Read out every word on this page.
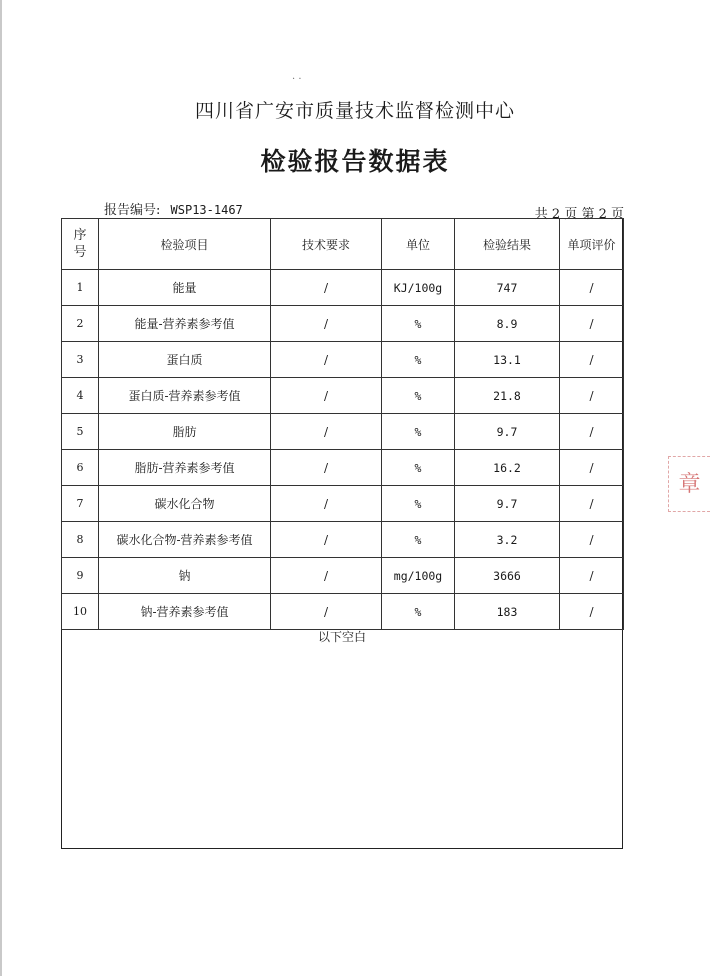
· ·
四川省广安市质量技术监督检测中心
检验报告数据表
报告编号: WSP13-1467	共 2 页 第 2 页
序
号	检验项目	技术要求	单位	检验结果	单项评价
1	能量	/	KJ/100g	747	/
2	能量-营养素参考值	/	%	8.9	/
3	蛋白质	/	%	13.1	/
4	蛋白质-营养素参考值	/	%	21.8	/
5	脂肪	/	%	9.7	/
6	脂肪-营养素参考值	/	%	16.2	/
7	碳水化合物	/	%	9.7	/
8	碳水化合物-营养素参考值	/	%	3.2	/
9	钠	/	mg/100g	3666	/
10	钠-营养素参考值	/	%	183	/
以下空白
章
